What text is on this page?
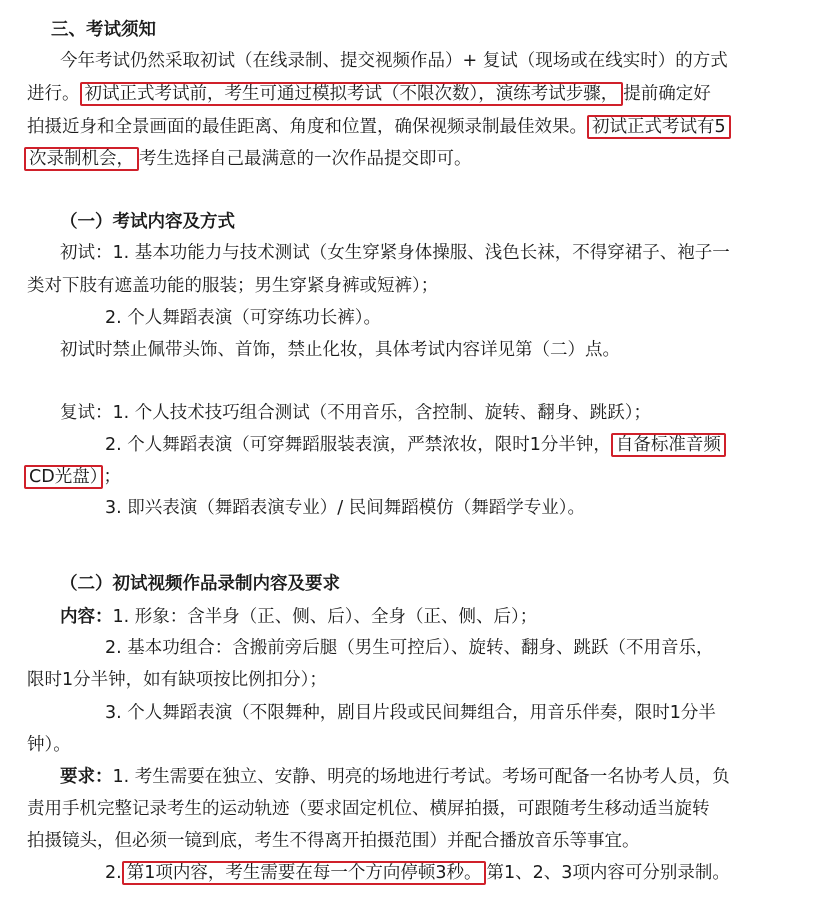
三、考试须知
今年考试仍然采取初试（在线录制、提交视频作品）+ 复试（现场或在线实时）的方式
进行。 初试正式考试前，考生可通过模拟考试（不限次数），演练考试步骤， 提前确定好
拍摄近身和全景画面的最佳距离、角度和位置，确保视频录制最佳效果。 初试正式考试有5
次录制机会， 考生选择自己最满意的一次作品提交即可。
（一）考试内容及方式
初试：1. 基本功能力与技术测试（女生穿紧身体操服、浅色长袜，不得穿裙子、袍子一
类对下肢有遮盖功能的服装；男生穿紧身裤或短裤）；
2. 个人舞蹈表演（可穿练功长裤）。
初试时禁止佩带头饰、首饰，禁止化妆，具体考试内容详见第（二）点。
复试：1. 个人技术技巧组合测试（不用音乐，含控制、旋转、翻身、跳跃）；
2. 个人舞蹈表演（可穿舞蹈服装表演，严禁浓妆，限时1分半钟， 自备标准音频
CD光盘） ；
3. 即兴表演（舞蹈表演专业）/ 民间舞蹈模仿（舞蹈学专业）。
（二）初试视频作品录制内容及要求
内容：1. 形象：含半身（正、侧、后）、全身（正、侧、后）；
2. 基本功组合：含搬前旁后腿（男生可控后）、旋转、翻身、跳跃（不用音乐，
限时1分半钟，如有缺项按比例扣分）；
3. 个人舞蹈表演（不限舞种，剧目片段或民间舞组合，用音乐伴奏，限时1分半
钟）。
要求：1. 考生需要在独立、安静、明亮的场地进行考试。考场可配备一名协考人员，负
责用手机完整记录考生的运动轨迹（要求固定机位、横屏拍摄，可跟随考生移动适当旋转
拍摄镜头，但必须一镜到底，考生不得离开拍摄范围）并配合播放音乐等事宜。
2. 第1项内容，考生需要在每一个方向停顿3秒。 第1、2、3项内容可分别录制。
